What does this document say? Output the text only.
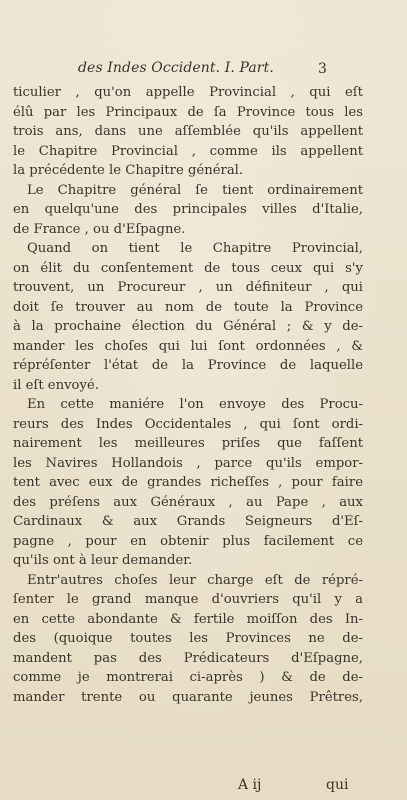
des Indes Occident. I. Part.	3
ticulier , qu'on appelle Provincial , qui eſt
élû par les Principaux de ſa Province tous les
trois ans, dans une aſſemblée qu'ils appellent
le Chapitre Provincial , comme ils appellent
la précédente le Chapitre général.
Le Chapitre général ſe tient ordinairement
en quelqu'une des principales villes d'Italie,
de France , ou d'Eſpagne.
Quand on tient le Chapitre Provincial,
on élit du conſentement de tous ceux qui s'y
trouvent, un Procureur , un définiteur , qui
doit ſe trouver au nom de toute la Province
à la prochaine élection du Général ; & y de-
mander les choſes qui lui ſont ordonnées , &
répréſenter l'état de la Province de laquelle
il eſt envoyé.
En cette maniére l'on envoye des Procu-
reurs des Indes Occidentales , qui ſont ordi-
nairement les meilleures priſes que faſſent
les Navires Hollandois , parce qu'ils empor-
tent avec eux de grandes richeſſes , pour faire
des préſens aux Généraux , au Pape , aux
Cardinaux & aux Grands Seigneurs d'Eſ-
pagne , pour en obtenir plus facilement ce
qu'ils ont à leur demander.
Entr'autres choſes leur charge eſt de répré-
ſenter le grand manque d'ouvriers qu'il y a
en cette abondante & fertile moiſſon des In-
des (quoique toutes les Provinces ne de-
mandent pas des Prédicateurs d'Eſpagne,
comme je montrerai ci-après ) & de de-
mander trente ou quarante jeunes Prêtres,
A ij	qui
